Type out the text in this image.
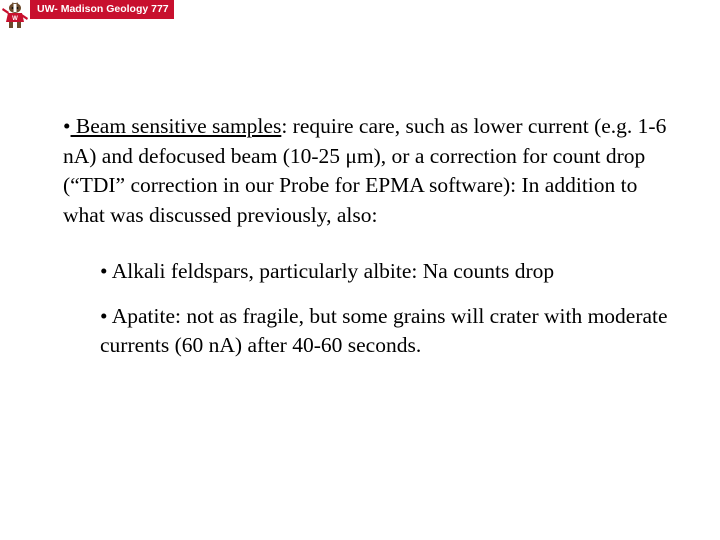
W
UW- Madison Geology 777

• Beam sensitive samples: require care, such as lower current (e.g. 1-6 nA) and defocused beam (10-25 μm), or a correction for count drop (“TDI” correction in our Probe for EPMA software): In addition to what was discussed previously, also:

• Alkali feldspars, particularly albite: Na counts drop

• Apatite: not as fragile, but some grains will crater with moderate currents (60 nA) after 40-60 seconds.
